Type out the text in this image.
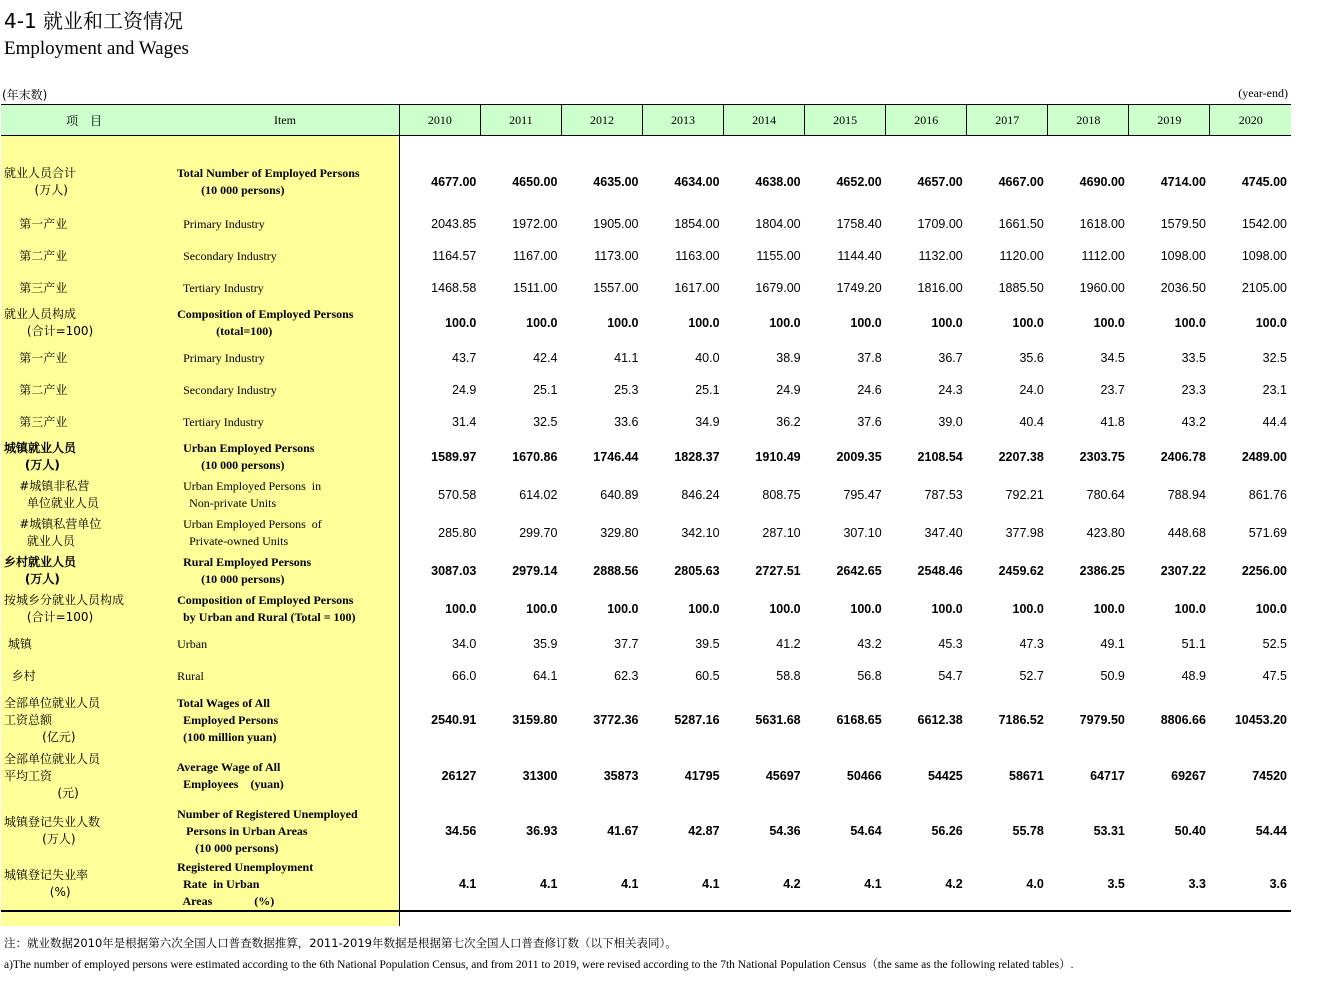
4-1 就业和工资情况
Employment and Wages
(年末数)	(year-end)
项 目	Item	2010	2011	2012	2013	2014	2015	2016	2017	2018	2019	2020

就业人员合计
(万人)	Total Number of Employed Persons
(10 000 persons)	4677.00	4650.00	4635.00	4634.00	4638.00	4652.00	4657.00	4667.00	4690.00	4714.00	4745.00

第一产业	Primary Industry	2043.85	1972.00	1905.00	1854.00	1804.00	1758.40	1709.00	1661.50	1618.00	1579.50	1542.00

第二产业	Secondary Industry	1164.57	1167.00	1173.00	1163.00	1155.00	1144.40	1132.00	1120.00	1112.00	1098.00	1098.00

第三产业	Tertiary Industry	1468.58	1511.00	1557.00	1617.00	1679.00	1749.20	1816.00	1885.50	1960.00	2036.50	2105.00

就业人员构成
(合计=100)	Composition of Employed Persons
(total=100)	100.0	100.0	100.0	100.0	100.0	100.0	100.0	100.0	100.0	100.0	100.0

第一产业	Primary Industry	43.7	42.4	41.1	40.0	38.9	37.8	36.7	35.6	34.5	33.5	32.5

第二产业	Secondary Industry	24.9	25.1	25.3	25.1	24.9	24.6	24.3	24.0	23.7	23.3	23.1

第三产业	Tertiary Industry	31.4	32.5	33.6	34.9	36.2	37.6	39.0	40.4	41.8	43.2	44.4

城镇就业人员
(万人)	Urban Employed Persons
(10 000 persons)	1589.97	1670.86	1746.44	1828.37	1910.49	2009.35	2108.54	2207.38	2303.75	2406.78	2489.00

#城镇非私营
单位就业人员	Urban Employed Persons  in
Non-private Units	570.58	614.02	640.89	846.24	808.75	795.47	787.53	792.21	780.64	788.94	861.76

#城镇私营单位
就业人员	Urban Employed Persons  of
Private-owned Units	285.80	299.70	329.80	342.10	287.10	307.10	347.40	377.98	423.80	448.68	571.69

乡村就业人员
(万人)	Rural Employed Persons
(10 000 persons)	3087.03	2979.14	2888.56	2805.63	2727.51	2642.65	2548.46	2459.62	2386.25	2307.22	2256.00

按城乡分就业人员构成
(合计=100)	Composition of Employed Persons
by Urban and Rural (Total = 100)	100.0	100.0	100.0	100.0	100.0	100.0	100.0	100.0	100.0	100.0	100.0

城镇	Urban	34.0	35.9	37.7	39.5	41.2	43.2	45.3	47.3	49.1	51.1	52.5

乡村	Rural	66.0	64.1	62.3	60.5	58.8	56.8	54.7	52.7	50.9	48.9	47.5

全部单位就业人员
工资总额
(亿元)	Total Wages of All
Employed Persons
(100 million yuan)	2540.91	3159.80	3772.36	5287.16	5631.68	6168.65	6612.38	7186.52	7979.50	8806.66	10453.20

全部单位就业人员
平均工资
(元)	Average Wage of All
Employees    (yuan)	26127	31300	35873	41795	45697	50466	54425	58671	64717	69267	74520

城镇登记失业人数
(万人)	Number of Registered Unemployed
Persons in Urban Areas
(10 000 persons)	34.56	36.93	41.67	42.87	54.36	54.64	56.26	55.78	53.31	50.40	54.44

城镇登记失业率
(%)	Registered Unemployment
Rate  in Urban
Areas              (%)	4.1	4.1	4.1	4.1	4.2	4.1	4.2	4.0	3.5	3.3	3.6

注：就业数据2010年是根据第六次全国人口普查数据推算，2011-2019年数据是根据第七次全国人口普查修订数（以下相关表同）。
a)The number of employed persons were estimated according to the 6th National Population Census, and from 2011 to 2019, were revised according to the 7th National Population Census（the same as the following related tables）.
